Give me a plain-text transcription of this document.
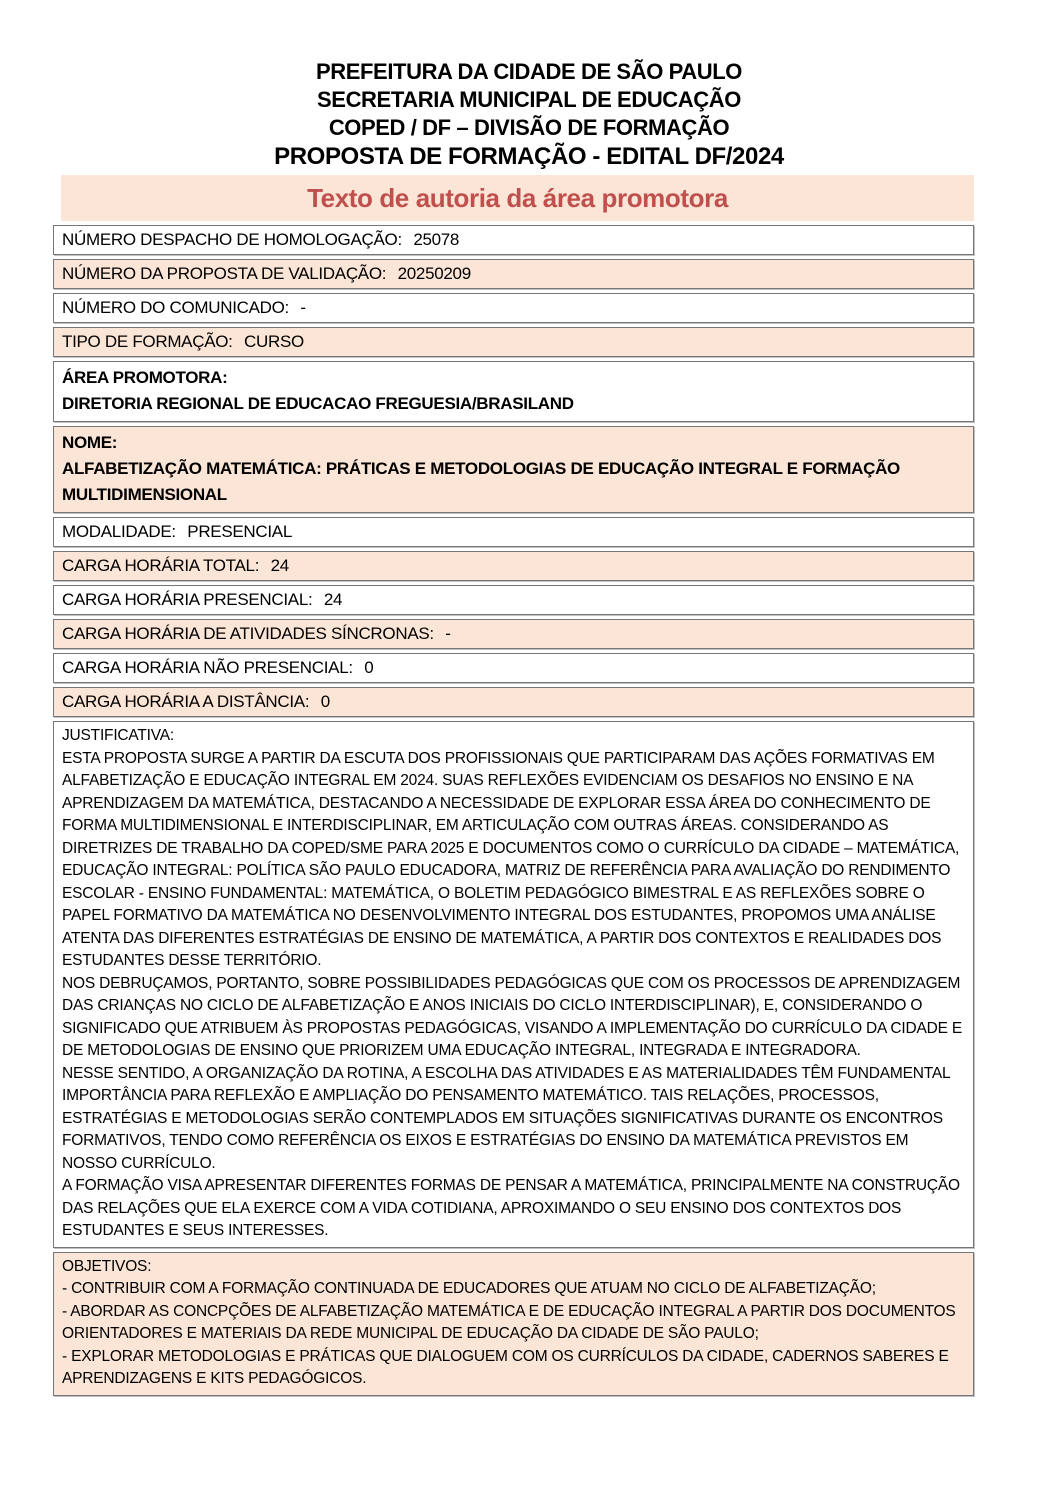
PREFEITURA DA CIDADE DE SÃO PAULO
SECRETARIA MUNICIPAL DE EDUCAÇÃO
COPED / DF – DIVISÃO DE FORMAÇÃO
PROPOSTA DE FORMAÇÃO - EDITAL DF/2024
Texto de autoria da área promotora
NÚMERO DESPACHO DE HOMOLOGAÇÃO: 25078
NÚMERO DA PROPOSTA DE VALIDAÇÃO: 20250209
NÚMERO DO COMUNICADO: -
TIPO DE FORMAÇÃO: CURSO
ÁREA PROMOTORA:
DIRETORIA REGIONAL DE EDUCACAO FREGUESIA/BRASILAND
NOME:
ALFABETIZAÇÃO MATEMÁTICA: PRÁTICAS E METODOLOGIAS DE EDUCAÇÃO INTEGRAL E FORMAÇÃO MULTIDIMENSIONAL
MODALIDADE: PRESENCIAL
CARGA HORÁRIA TOTAL: 24
CARGA HORÁRIA PRESENCIAL: 24
CARGA HORÁRIA DE ATIVIDADES SÍNCRONAS: -
CARGA HORÁRIA NÃO PRESENCIAL: 0
CARGA HORÁRIA A DISTÂNCIA: 0
JUSTIFICATIVA:

ESTA PROPOSTA SURGE A PARTIR DA ESCUTA DOS PROFISSIONAIS QUE PARTICIPARAM DAS AÇÕES FORMATIVAS EM ALFABETIZAÇÃO E EDUCAÇÃO INTEGRAL EM 2024. SUAS REFLEXÕES EVIDENCIAM OS DESAFIOS NO ENSINO E NA APRENDIZAGEM DA MATEMÁTICA, DESTACANDO A NECESSIDADE DE EXPLORAR ESSA ÁREA DO CONHECIMENTO DE FORMA MULTIDIMENSIONAL E INTERDISCIPLINAR, EM ARTICULAÇÃO COM OUTRAS ÁREAS. CONSIDERANDO AS DIRETRIZES DE TRABALHO DA COPED/SME PARA 2025 E DOCUMENTOS COMO O CURRÍCULO DA CIDADE – MATEMÁTICA, EDUCAÇÃO INTEGRAL: POLÍTICA SÃO PAULO EDUCADORA, MATRIZ DE REFERÊNCIA PARA AVALIAÇÃO DO RENDIMENTO ESCOLAR - ENSINO FUNDAMENTAL: MATEMÁTICA, O BOLETIM PEDAGÓGICO BIMESTRAL E AS REFLEXÕES SOBRE O PAPEL FORMATIVO DA MATEMÁTICA NO DESENVOLVIMENTO INTEGRAL DOS ESTUDANTES, PROPOMOS UMA ANÁLISE ATENTA DAS DIFERENTES ESTRATÉGIAS DE ENSINO DE MATEMÁTICA, A PARTIR DOS CONTEXTOS E REALIDADES DOS ESTUDANTES DESSE TERRITÓRIO.

NOS DEBRUÇAMOS, PORTANTO, SOBRE POSSIBILIDADES PEDAGÓGICAS QUE COM OS PROCESSOS DE APRENDIZAGEM DAS CRIANÇAS NO CICLO DE ALFABETIZAÇÃO E ANOS INICIAIS DO CICLO INTERDISCIPLINAR), E, CONSIDERANDO O SIGNIFICADO QUE ATRIBUEM ÀS PROPOSTAS PEDAGÓGICAS, VISANDO A IMPLEMENTAÇÃO DO CURRÍCULO DA CIDADE E DE METODOLOGIAS DE ENSINO QUE PRIORIZEM UMA EDUCAÇÃO INTEGRAL, INTEGRADA E INTEGRADORA.

NESSE SENTIDO, A ORGANIZAÇÃO DA ROTINA, A ESCOLHA DAS ATIVIDADES E AS MATERIALIDADES TÊM FUNDAMENTAL IMPORTÂNCIA PARA REFLEXÃO E AMPLIAÇÃO DO PENSAMENTO MATEMÁTICO. TAIS RELAÇÕES, PROCESSOS, ESTRATÉGIAS E METODOLOGIAS SERÃO CONTEMPLADOS EM SITUAÇÕES SIGNIFICATIVAS DURANTE OS ENCONTROS FORMATIVOS, TENDO COMO REFERÊNCIA OS EIXOS E ESTRATÉGIAS DO ENSINO DA MATEMÁTICA PREVISTOS EM NOSSO CURRÍCULO.

A FORMAÇÃO VISA APRESENTAR DIFERENTES FORMAS DE PENSAR A MATEMÁTICA, PRINCIPALMENTE NA CONSTRUÇÃO DAS RELAÇÕES QUE ELA EXERCE COM A VIDA COTIDIANA, APROXIMANDO O SEU ENSINO DOS CONTEXTOS DOS ESTUDANTES E SEUS INTERESSES.

OBJETIVOS:

- CONTRIBUIR COM A FORMAÇÃO CONTINUADA DE EDUCADORES QUE ATUAM NO CICLO DE ALFABETIZAÇÃO;

- ABORDAR AS CONCPÇÕES DE ALFABETIZAÇÃO MATEMÁTICA E DE EDUCAÇÃO INTEGRAL A PARTIR DOS DOCUMENTOS ORIENTADORES E MATERIAIS DA REDE MUNICIPAL DE EDUCAÇÃO DA CIDADE DE SÃO PAULO;

- EXPLORAR METODOLOGIAS E PRÁTICAS QUE DIALOGUEM COM OS CURRÍCULOS DA CIDADE, CADERNOS SABERES E APRENDIZAGENS E KITS PEDAGÓGICOS.
